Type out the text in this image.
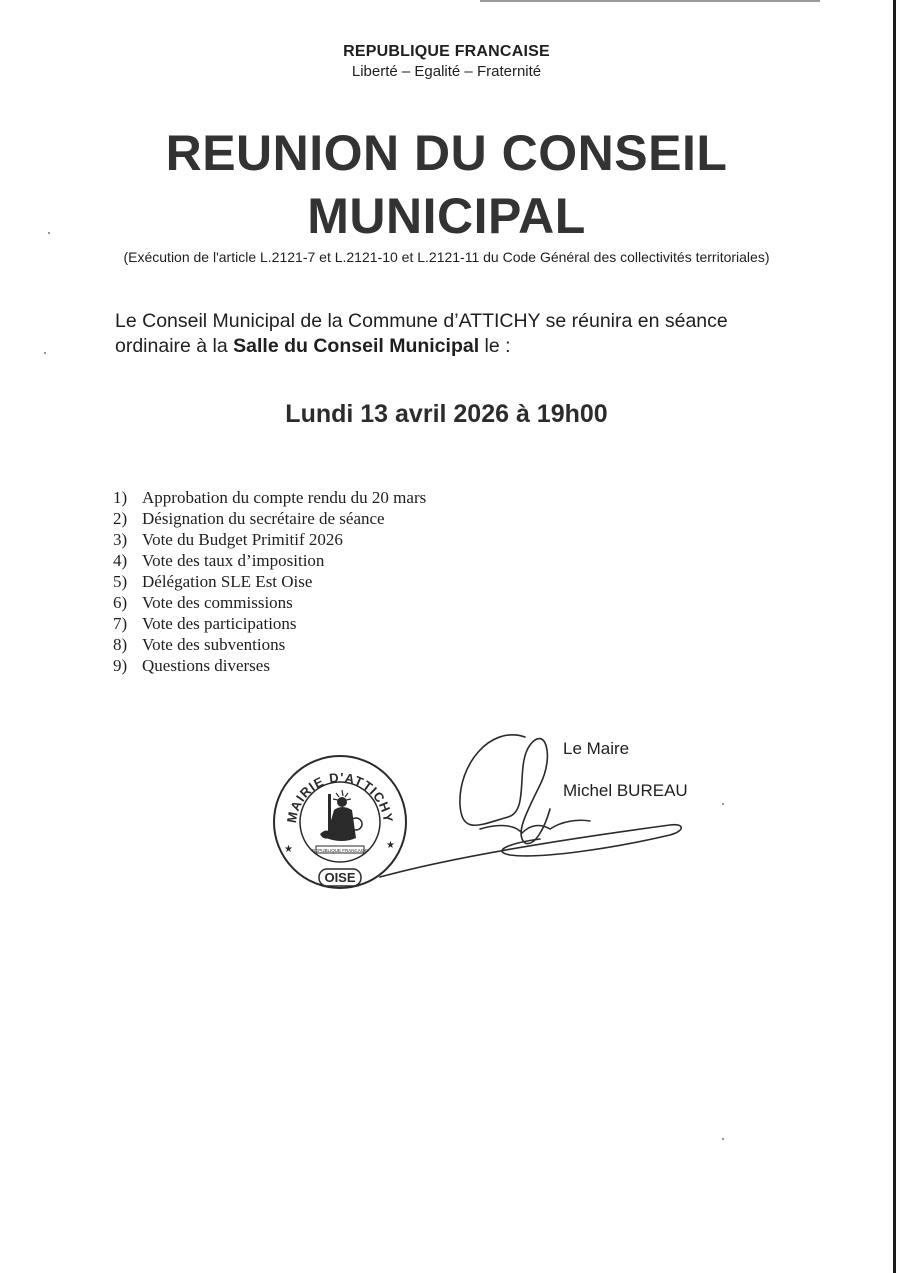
REPUBLIQUE FRANCAISE
Liberté – Egalité – Fraternité
REUNION DU CONSEIL
MUNICIPAL
(Exécution de l'article L.2121-7 et L.2121-10 et L.2121-11 du Code Général des collectivités territoriales)
Le Conseil Municipal de la Commune d’ATTICHY se réunira en séance
ordinaire à la Salle du Conseil Municipal le :
Lundi 13 avril 2026 à 19h00
1) Approbation du compte rendu du 20 mars
2) Désignation du secrétaire de séance
3) Vote du Budget Primitif 2026
4) Vote des taux d’imposition
5) Délégation SLE Est Oise
6) Vote des commissions
7) Vote des participations
8) Vote des subventions
9) Questions diverses
MAIRIE D'ATTICHY
★	★
REPUBLIQUE FRANCAISE
OISE
Le Maire
Michel BUREAU
